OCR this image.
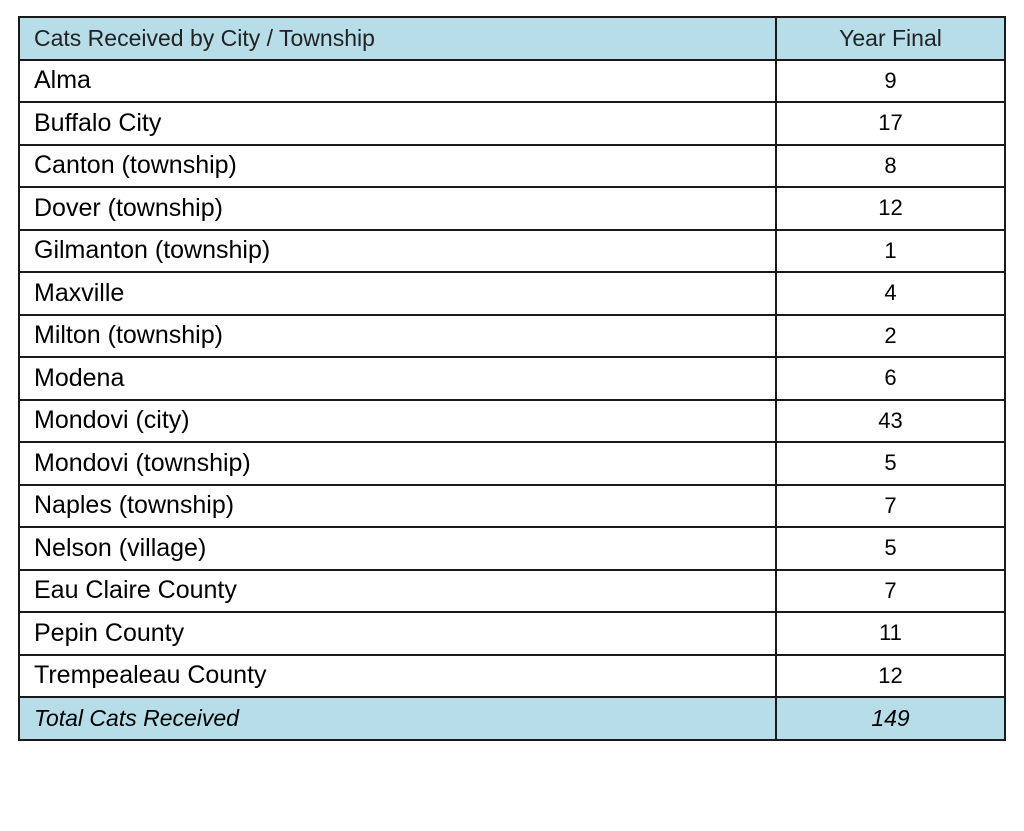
Cats Received by City / Township	Year Final
Alma	9
Buffalo City	17
Canton (township)	8
Dover (township)	12
Gilmanton (township)	1
Maxville	4
Milton (township)	2
Modena	6
Mondovi (city)	43
Mondovi (township)	5
Naples (township)	7
Nelson (village)	5
Eau Claire County	7
Pepin County	11
Trempealeau County	12
Total Cats Received	149
